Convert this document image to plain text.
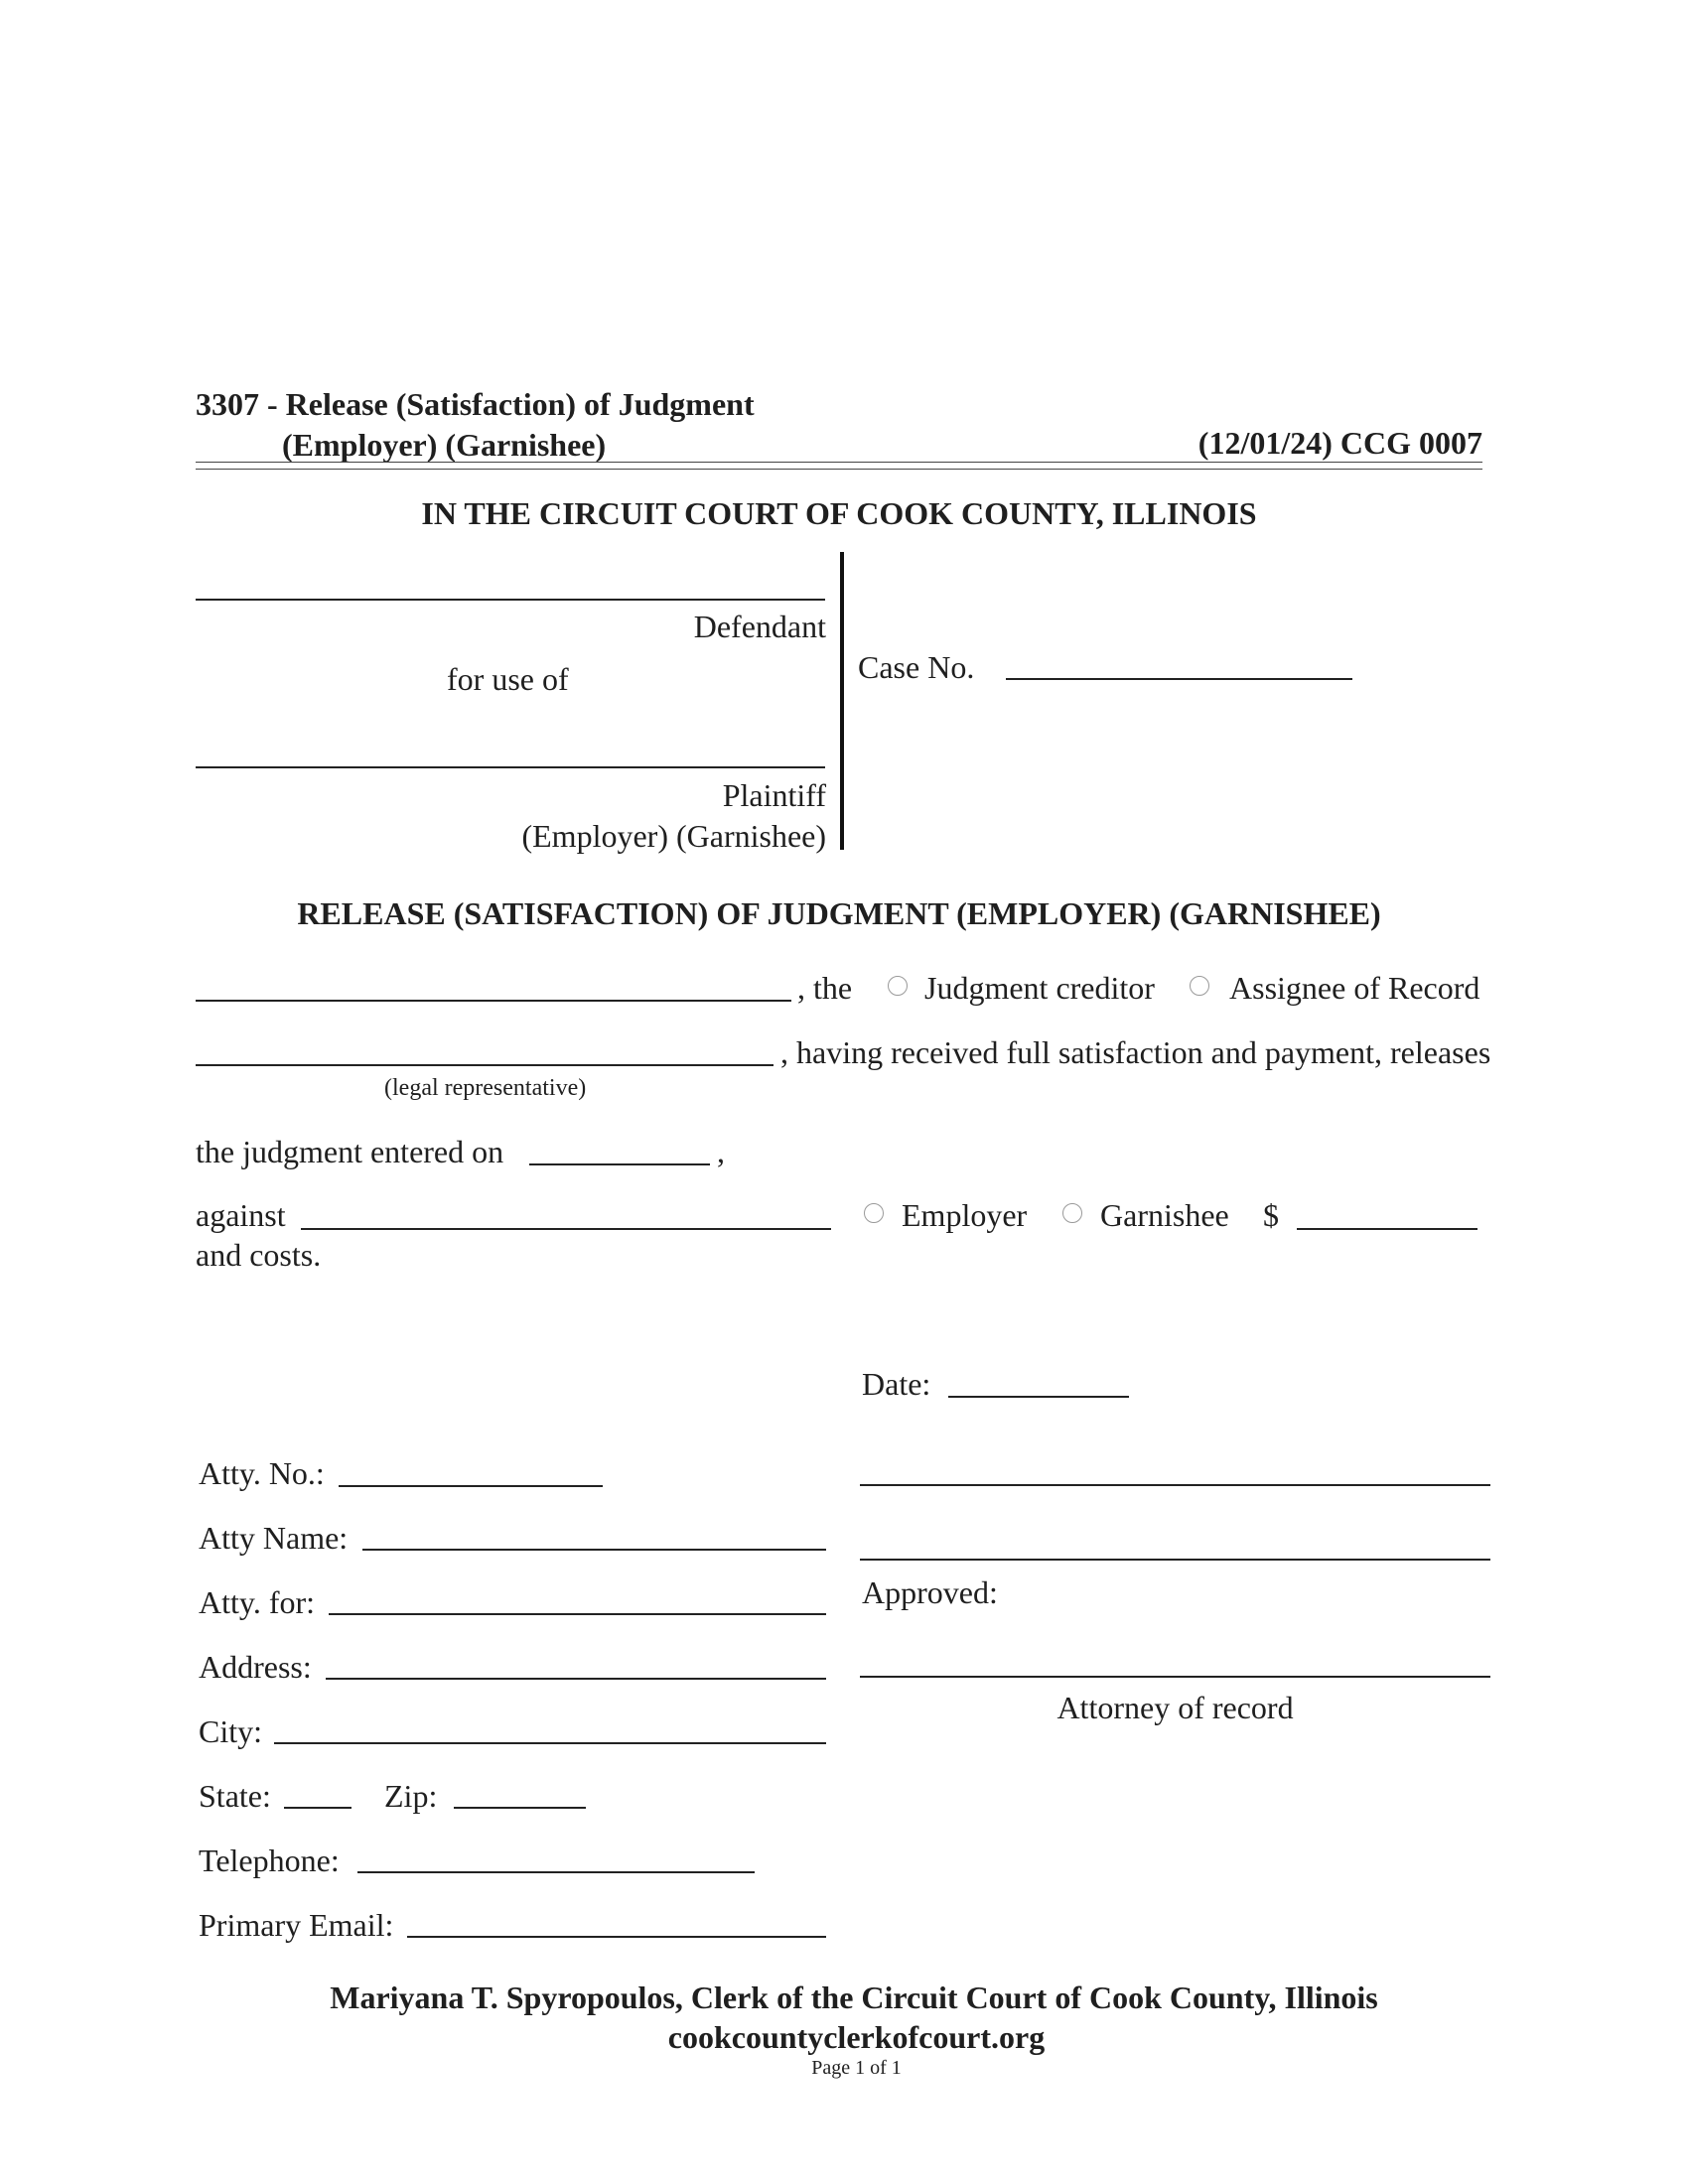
3307 - Release (Satisfaction) of Judgment
(Employer) (Garnishee)	(12/01/24) CCG 0007
IN THE CIRCUIT COURT OF COOK COUNTY, ILLINOIS
Defendant
for use of
Plaintiff
(Employer) (Garnishee)
Case No.
RELEASE (SATISFACTION) OF JUDGMENT (EMPLOYER) (GARNISHEE)
, the Judgment creditor Assignee of Record
, having received full satisfaction and payment, releases
(legal representative)
the judgment entered on	,
against	Employer Garnishee $
and costs.
Atty. No.:
Atty Name:
Atty. for:
Address:
City:
State:	Zip:
Telephone:
Primary Email:
Date:
Approved:
Attorney of record
Mariyana T. Spyropoulos, Clerk of the Circuit Court of Cook County, Illinois
cookcountyclerkofcourt.org
Page 1 of 1
